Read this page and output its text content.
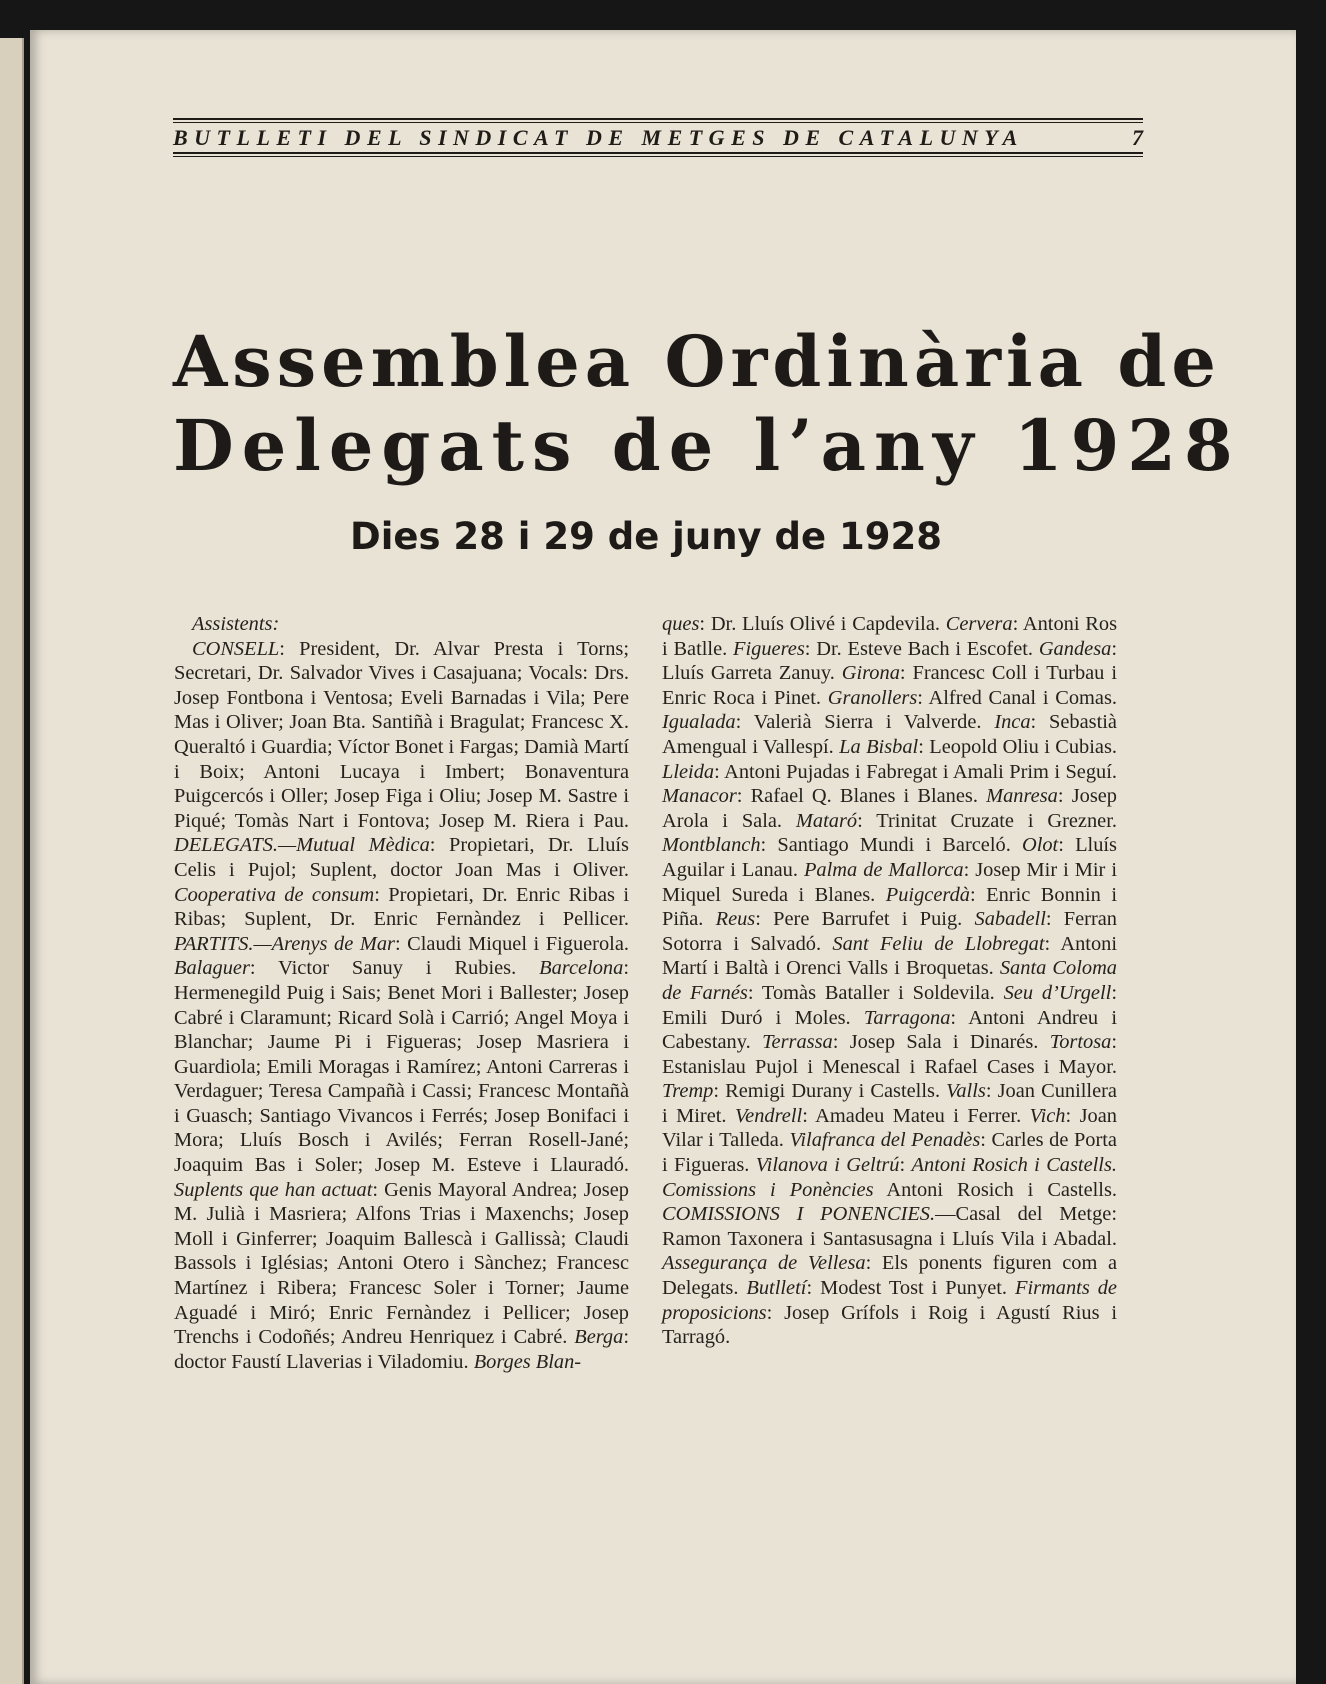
BUTLLETI DEL SINDICAT DE METGES DE CATALUNYA	7
Assemblea Ordinària de
Delegats de l’any 1928
Dies 28 i 29 de juny de 1928

Assistents:

CONSELL: President, Dr. Alvar Presta i Torns; Secretari, Dr. Salvador Vives i Casajuana; Vocals: Drs. Josep Fontbona i Ventosa; Eveli Barnadas i Vila; Pere Mas i Oliver; Joan Bta. Santiñà i Bragulat; Francesc X. Queraltó i Guardia; Víctor Bonet i Fargas; Damià Martí i Boix; Antoni Lucaya i Imbert; Bonaventura Puigcercós i Oller; Josep Figa i Oliu; Josep M. Sastre i Piqué; Tomàs Nart i Fontova; Josep M. Riera i Pau. DELEGATS.—Mutual Mèdica: Propietari, Dr. Lluís Celis i Pujol; Suplent, doctor Joan Mas i Oliver. Cooperativa de consum: Propietari, Dr. Enric Ribas i Ribas; Suplent, Dr. Enric Fernàndez i Pellicer. PARTITS.—Arenys de Mar: Claudi Miquel i Figuerola. Balaguer: Victor Sanuy i Rubies. Barcelona: Hermenegild Puig i Sais; Benet Mori i Ballester; Josep Cabré i Claramunt; Ricard Solà i Carrió; Angel Moya i Blanchar; Jaume Pi i Figueras; Josep Masriera i Guardiola; Emili Moragas i Ramírez; Antoni Carreras i Verdaguer; Teresa Campañà i Cassi; Francesc Montañà i Guasch; Santiago Vivancos i Ferrés; Josep Bonifaci i Mora; Lluís Bosch i Avilés; Ferran Rosell-Jané; Joaquim Bas i Soler; Josep M. Esteve i Llauradó. Suplents que han actuat: Genis Mayoral Andrea; Josep M. Julià i Masriera; Alfons Trias i Maxenchs; Josep Moll i Ginferrer; Joaquim Ballescà i Gallissà; Claudi Bassols i Iglésias; Antoni Otero i Sànchez; Francesc Martínez i Ribera; Francesc Soler i Torner; Jaume Aguadé i Miró; Enric Fernàndez i Pellicer; Josep Trenchs i Codoñés; Andreu Henriquez i Cabré. Berga: doctor Faustí Llaverias i Viladomiu. Borges Blan-

ques: Dr. Lluís Olivé i Capdevila. Cervera: Antoni Ros i Batlle. Figueres: Dr. Esteve Bach i Escofet. Gandesa: Lluís Garreta Zanuy. Girona: Francesc Coll i Turbau i Enric Roca i Pinet. Granollers: Alfred Canal i Comas. Igualada: Valerià Sierra i Valverde. Inca: Sebastià Amengual i Vallespí. La Bisbal: Leopold Oliu i Cubias. Lleida: Antoni Pujadas i Fabregat i Amali Prim i Seguí. Manacor: Rafael Q. Blanes i Blanes. Manresa: Josep Arola i Sala. Mataró: Trinitat Cruzate i Grezner. Montblanch: Santiago Mundi i Barceló. Olot: Lluís Aguilar i Lanau. Palma de Mallorca: Josep Mir i Mir i Miquel Sureda i Blanes. Puigcerdà: Enric Bonnin i Piña. Reus: Pere Barrufet i Puig. Sabadell: Ferran Sotorra i Salvadó. Sant Feliu de Llobregat: Antoni Martí i Baltà i Orenci Valls i Broquetas. Santa Coloma de Farnés: Tomàs Bataller i Soldevila. Seu d’Urgell: Emili Duró i Moles. Tarragona: Antoni Andreu i Cabestany. Terrassa: Josep Sala i Dinarés. Tortosa: Estanislau Pujol i Menescal i Rafael Cases i Mayor. Tremp: Remigi Durany i Castells. Valls: Joan Cunillera i Miret. Vendrell: Amadeu Mateu i Ferrer. Vich: Joan Vilar i Talleda. Vilafranca del Penadès: Carles de Porta i Figueras. Vilanova i Geltrú: Antoni Rosich i Castells. Comissions i Ponències Antoni Rosich i Castells. COMISSIONS I PONENCIES.—Casal del Metge: Ramon Taxonera i Santasusagna i Lluís Vila i Abadal. Assegurança de Vellesa: Els ponents figuren com a Delegats. Butlletí: Modest Tost i Punyet. Firmants de proposicions: Josep Grífols i Roig i Agustí Rius i Tarragó.
